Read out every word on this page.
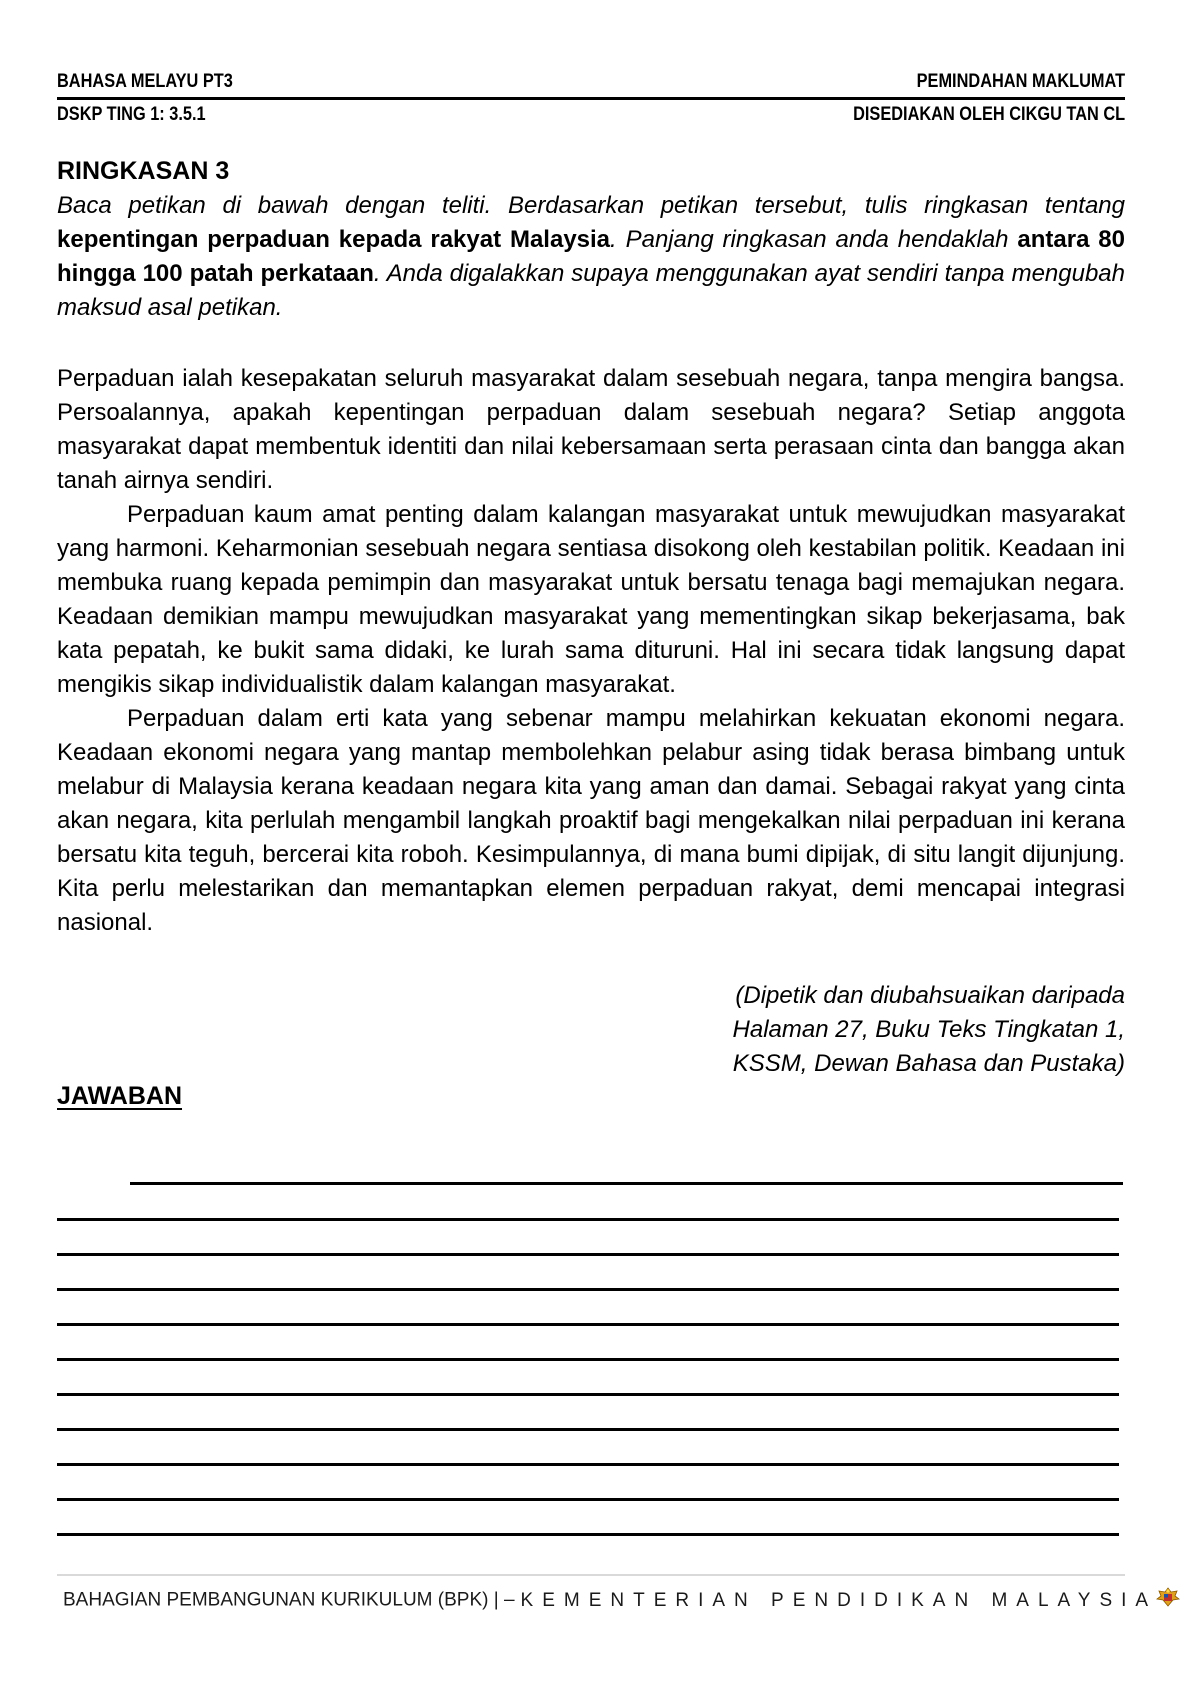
BAHASA MELAYU PT3	PEMINDAHAN MAKLUMAT
DSKP TING 1: 3.5.1	DISEDIAKAN OLEH CIKGU TAN CL
RINGKASAN 3
Baca petikan di bawah dengan teliti. Berdasarkan petikan tersebut, tulis ringkasan tentang kepentingan perpaduan kepada rakyat Malaysia. Panjang ringkasan anda hendaklah antara 80 hingga 100 patah perkataan. Anda digalakkan supaya menggunakan ayat sendiri tanpa mengubah maksud asal petikan.

Perpaduan ialah kesepakatan seluruh masyarakat dalam sesebuah negara, tanpa mengira bangsa. Persoalannya, apakah kepentingan perpaduan dalam sesebuah negara? Setiap anggota masyarakat dapat membentuk identiti dan nilai kebersamaan serta perasaan cinta dan bangga akan tanah airnya sendiri.

Perpaduan kaum amat penting dalam kalangan masyarakat untuk mewujudkan masyarakat yang harmoni. Keharmonian sesebuah negara sentiasa disokong oleh kestabilan politik. Keadaan ini membuka ruang kepada pemimpin dan masyarakat untuk bersatu tenaga bagi memajukan negara. Keadaan demikian mampu mewujudkan masyarakat yang mementingkan sikap bekerjasama, bak kata pepatah, ke bukit sama didaki, ke lurah sama dituruni. Hal ini secara tidak langsung dapat mengikis sikap individualistik dalam kalangan masyarakat.

Perpaduan dalam erti kata yang sebenar mampu melahirkan kekuatan ekonomi negara. Keadaan ekonomi negara yang mantap membolehkan pelabur asing tidak berasa bimbang untuk melabur di Malaysia kerana keadaan negara kita yang aman dan damai. Sebagai rakyat yang cinta akan negara, kita perlulah mengambil langkah proaktif bagi mengekalkan nilai perpaduan ini kerana bersatu kita teguh, bercerai kita roboh. Kesimpulannya, di mana bumi dipijak, di situ langit dijunjung. Kita perlu melestarikan dan memantapkan elemen perpaduan rakyat, demi mencapai integrasi nasional.

(Dipetik dan diubahsuaikan daripada
Halaman 27, Buku Teks Tingkatan 1,
KSSM, Dewan Bahasa dan Pustaka)
JAWABAN
BAHAGIAN PEMBANGUNAN KURIKULUM (BPK) | – KEMENTERIAN PENDIDIKAN MALAYSIA
